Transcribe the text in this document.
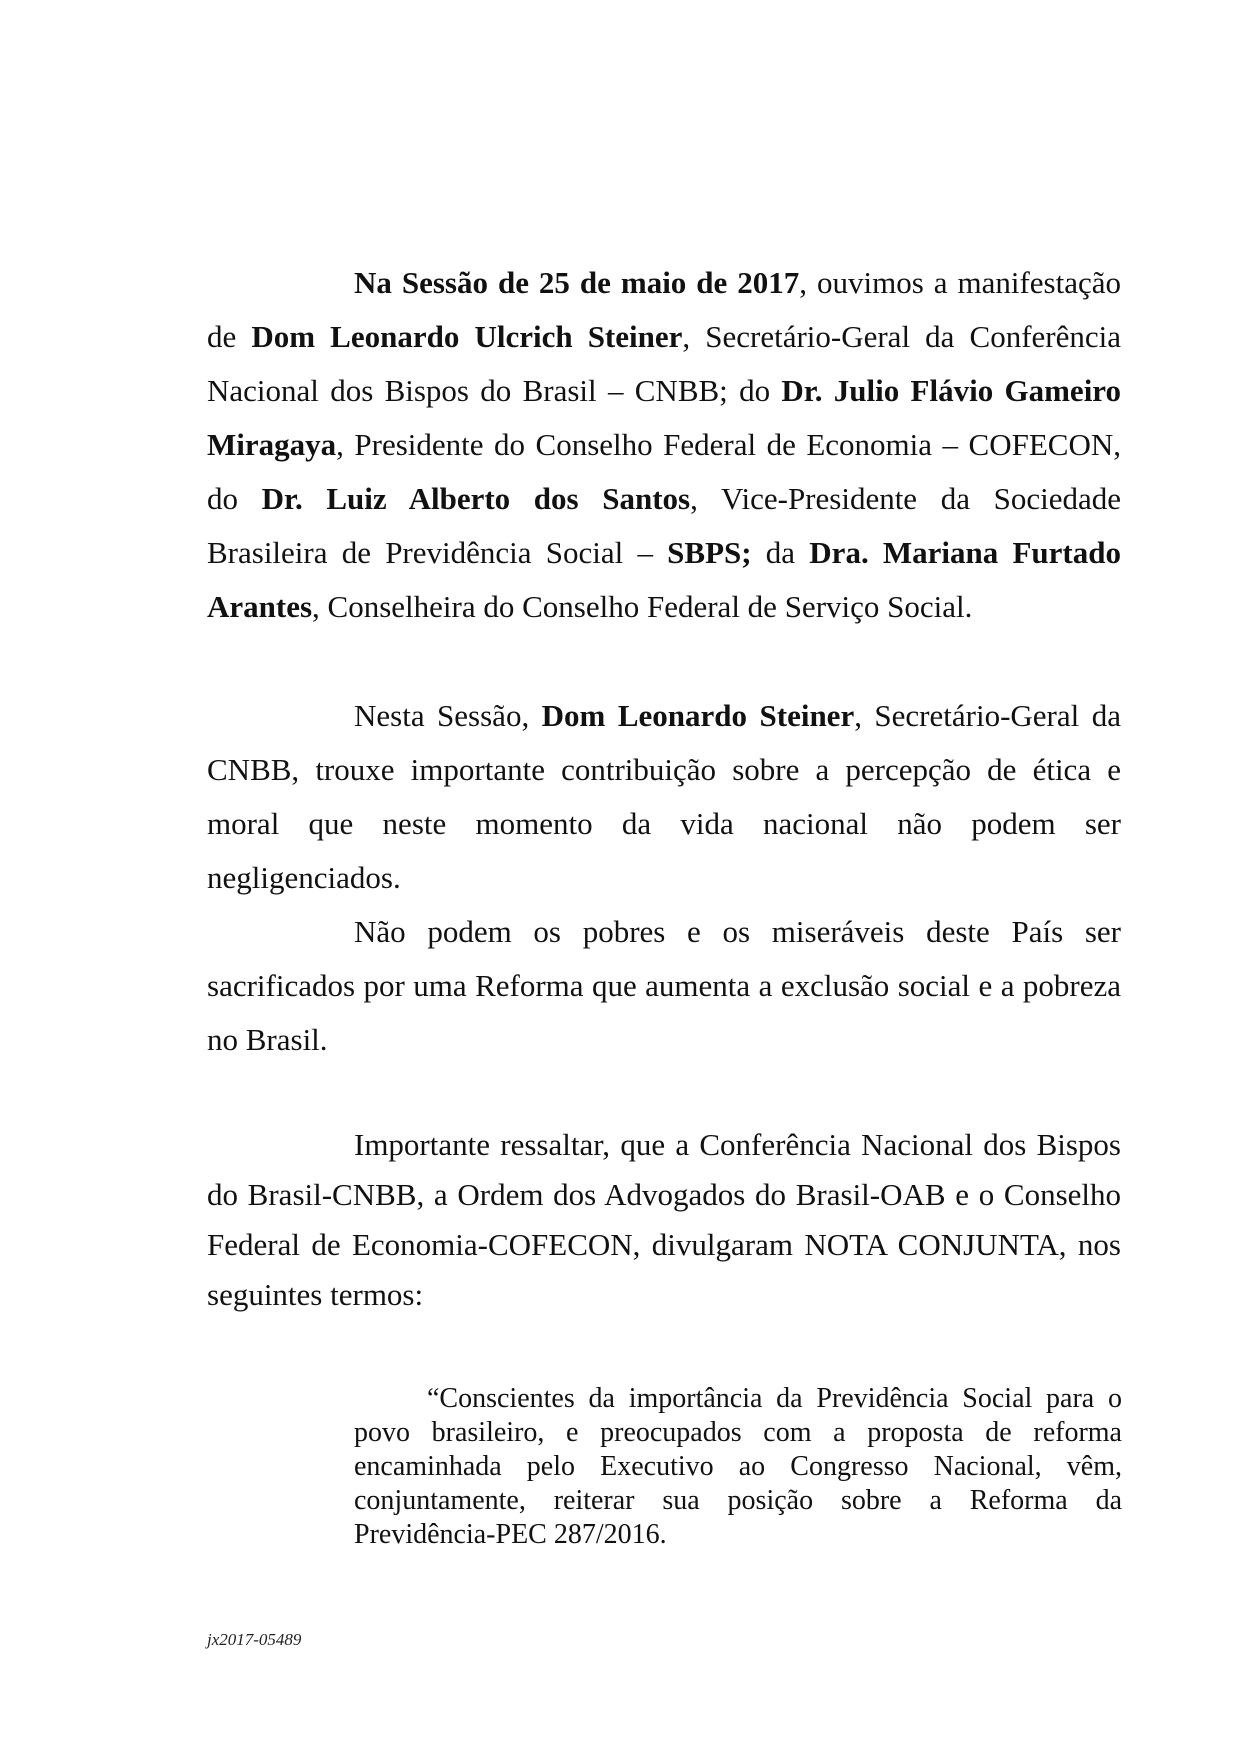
Na Sessão de 25 de maio de 2017, ouvimos a manifestação de Dom Leonardo Ulcrich Steiner, Secretário-Geral da Conferência Nacional dos Bispos do Brasil – CNBB; do Dr. Julio Flávio Gameiro Miragaya, Presidente do Conselho Federal de Economia – COFECON, do Dr. Luiz Alberto dos Santos, Vice-Presidente da Sociedade Brasileira de Previdência Social – SBPS; da Dra. Mariana Furtado Arantes, Conselheira do Conselho Federal de Serviço Social.

Nesta Sessão, Dom Leonardo Steiner, Secretário-Geral da CNBB, trouxe importante contribuição sobre a percepção de ética e moral que neste momento da vida nacional não podem ser negligenciados.

Não podem os pobres e os miseráveis deste País ser sacrificados por uma Reforma que aumenta a exclusão social e a pobreza no Brasil.

Importante ressaltar, que a Conferência Nacional dos Bispos do Brasil-CNBB, a Ordem dos Advogados do Brasil-OAB e o Conselho Federal de Economia-COFECON, divulgaram NOTA CONJUNTA, nos seguintes termos:

“Conscientes da importância da Previdência Social para o povo brasileiro, e preocupados com a proposta de reforma encaminhada pelo Executivo ao Congresso Nacional, vêm, conjuntamente, reiterar sua posição sobre a Reforma da Previdência-PEC 287/2016.

jx2017-05489
